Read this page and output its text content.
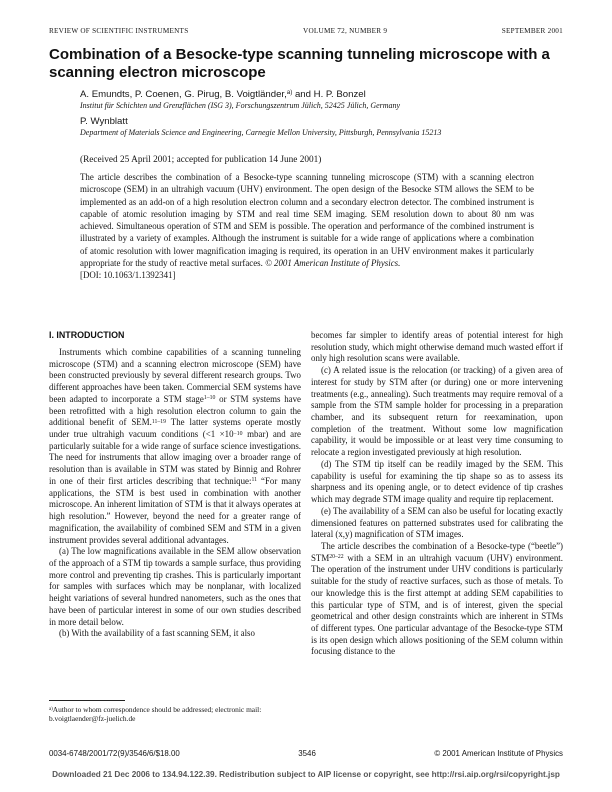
REVIEW OF SCIENTIFIC INSTRUMENTS	VOLUME 72, NUMBER 9	SEPTEMBER 2001
Combination of a Besocke-type scanning tunneling microscope with a scanning electron microscope
A. Emundts, P. Coenen, G. Pirug, B. Voigtländer,$^{a)}$ and H. P. Bonzel
Institut für Schichten und Grenzflächen (ISG 3), Forschungszentrum Jülich, 52425 Jülich, Germany
P. Wynblatt
Department of Materials Science and Engineering, Carnegie Mellon University, Pittsburgh, Pennsylvania 15213
(Received 25 April 2001; accepted for publication 14 June 2001)
The article describes the combination of a Besocke-type scanning tunneling microscope (STM) with a scanning electron microscope (SEM) in an ultrahigh vacuum (UHV) environment. The open design of the Besocke STM allows the SEM to be implemented as an add-on of a high resolution electron column and a secondary electron detector. The combined instrument is capable of atomic resolution imaging by STM and real time SEM imaging. SEM resolution down to about 80 nm was achieved. Simultaneous operation of STM and SEM is possible. The operation and performance of the combined instrument is illustrated by a variety of examples. Although the instrument is suitable for a wide range of applications where a combination of atomic resolution with lower magnification imaging is required, its operation in an UHV environment makes it particularly appropriate for the study of reactive metal surfaces. © 2001 American Institute of Physics.
[DOI: 10.1063/1.1392341]
I. INTRODUCTION

Instruments which combine capabilities of a scanning tunneling microscope (STM) and a scanning electron microscope (SEM) have been constructed previously by several different research groups. Two different approaches have been taken. Commercial SEM systems have been adapted to incorporate a STM stage$^{1-10}$ or STM systems have been retrofitted with a high resolution electron column to gain the additional benefit of SEM.$^{11-19}$ The latter systems operate mostly under true ultrahigh vacuum conditions ($<1 \times 10^{-10}$ mbar) and are particularly suitable for a wide range of surface science investigations. The need for instruments that allow imaging over a broader range of resolution than is available in STM was stated by Binnig and Rohrer in one of their first articles describing that technique:$^{11}$ “For many applications, the STM is best used in combination with another microscope. An inherent limitation of STM is that it always operates at high resolution.” However, beyond the need for a greater range of magnification, the availability of combined SEM and STM in a given instrument provides several additional advantages.

(a) The low magnifications available in the SEM allow observation of the approach of a STM tip towards a sample surface, thus providing more control and preventing tip crashes. This is particularly important for samples with surfaces which may be nonplanar, with localized height variations of several hundred nanometers, such as the ones that have been of particular interest in some of our own studies described in more detail below.

(b) With the availability of a fast scanning SEM, it also

becomes far simpler to identify areas of potential interest for high resolution study, which might otherwise demand much wasted effort if only high resolution scans were available.

(c) A related issue is the relocation (or tracking) of a given area of interest for study by STM after (or during) one or more intervening treatments (e.g., annealing). Such treatments may require removal of a sample from the STM sample holder for processing in a preparation chamber, and its subsequent return for reexamination, upon completion of the treatment. Without some low magnification capability, it would be impossible or at least very time consuming to relocate a region investigated previously at high resolution.

(d) The STM tip itself can be readily imaged by the SEM. This capability is useful for examining the tip shape so as to assess its sharpness and its opening angle, or to detect evidence of tip crashes which may degrade STM image quality and require tip replacement.

(e) The availability of a SEM can also be useful for locating exactly dimensioned features on patterned substrates used for calibrating the lateral (x,y) magnification of STM images.

The article describes the combination of a Besocke-type (“beetle”) STM$^{20-22}$ with a SEM in an ultrahigh vacuum (UHV) environment. The operation of the instrument under UHV conditions is particularly suitable for the study of reactive surfaces, such as those of metals. To our knowledge this is the first attempt at adding SEM capabilities to this particular type of STM, and is of interest, given the special geometrical and other design constraints which are inherent in STMs of different types. One particular advantage of the Besocke-type STM is its open design which allows positioning of the SEM column within focusing distance to the

$^{a)}$Author to whom correspondence should be addressed; electronic mail: b.voigtlaender@fz-juelich.de
0034-6748/2001/72(9)/3546/6/$18.00	3546	© 2001 American Institute of Physics
Downloaded 21 Dec 2006 to 134.94.122.39. Redistribution subject to AIP license or copyright, see http://rsi.aip.org/rsi/copyright.jsp
